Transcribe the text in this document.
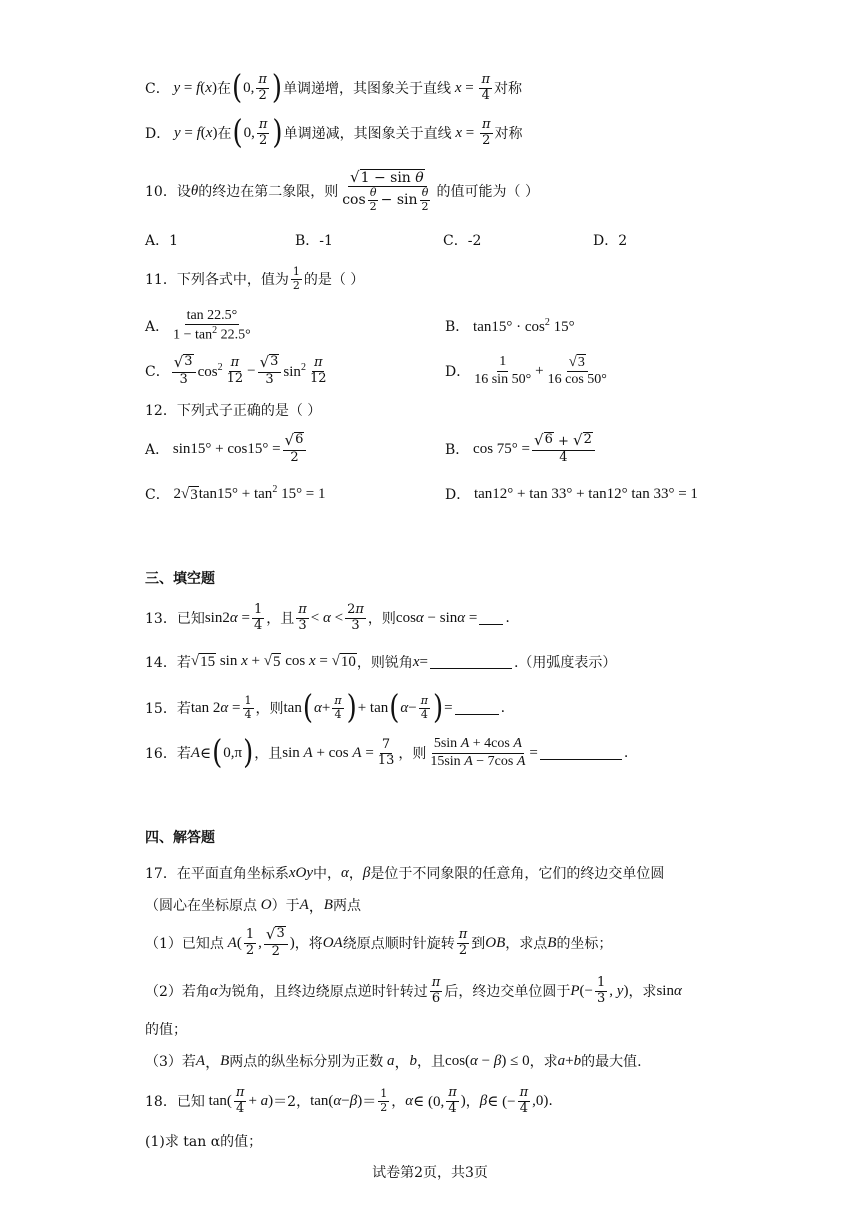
C． y = f ( x ) 在 ( 0, $\frac{\pi}{2}$ ) 单调递增，其图象关于直线 $x = \frac{\pi}{4}$ 对称
D． y = f ( x ) 在 ( 0, $\frac{\pi}{2}$ ) 单调递减，其图象关于直线 $x = \frac{\pi}{2}$ 对称
10．设 θ 的终边在第二象限，则 $\frac{\text{√ 1 − sin θ}}{\cos \frac{\theta}{2} - \sin \frac{\theta}{2}}$ 的值可能为（ ）
A．1	B．-1	C．-2	D．2
11．下列各式中，值为 $\frac{1}{2}$ 的是（ ）
A． $\frac{\tan 22.5^\circ}{1 - \tan^2 22.5^\circ}$	B． $\tan 15^\circ \cdot \cos^2 15^\circ$
C． $\frac{√ 3}{3} \cos^2 \frac{\pi}{12} - \frac{√ 3}{3} \sin^2 \frac{\pi}{12}$	D． $\frac{1}{16 \sin 50^\circ} + \frac{√ 3}{16 \cos 50^\circ}$
12．下列式子正确的是（ ）
A． $\sin 15^\circ + \cos 15^\circ = \frac{√ 6}{2}$	B． $\cos 75^\circ = \frac{√ 6 + √ 2}{4}$
C． 2 √ 3 $\tan 15^\circ + \tan^2 15^\circ = 1$	D． tan12° + tan 33° + tan12° tan 33° = 1
三、填空题
13．已知 $\sin 2\alpha = \frac{1}{4}$ ，且 $\frac{\pi}{3} < \alpha < \frac{2\pi}{3}$ ，则 cosα − sinα = .
14．若 √ 15 sin x + √ 5 cos x = √ 10 ，则锐角 x =	.（用弧度表示）
15．若 $\tan 2\alpha = \frac{1}{4}$ ，则 tan ( $\alpha + \frac{\pi}{4}$ ) + tan ( $\alpha - \frac{\pi}{4}$ ) =	.
16．若 A ∈ ( 0,π ) ，且 $\sin A + \cos A = \frac{7}{13}$ ，则 $\frac{\text{5sin A + 4cos A}}{\text{15sin A − 7cos A}}$ =	.
四、解答题
17．在平面直角坐标系 xOy 中， α ， β 是位于不同象限的任意角，它们的终边交单位圆
（圆心在坐标原点 O ）于 A ， B 两点
（1）已知点 A ( $\frac{1}{2}$ , $\frac{√ 3}{2}$ ) ，将 OA 绕原点顺时针旋转 $\frac{\pi}{2}$ 到 OB ，求点 B 的坐标；
（2）若角 α 为锐角，且终边绕原点逆时针转过 $\frac{\pi}{6}$ 后，终边交单位圆于 P (− $\frac{1}{3}$ , y) ，求 sinα
的值；
（3）若 A ， B 两点的纵坐标分别为正数 a ， b ，且 cos(α − β) ≤ 0 ，求 a + b 的最大值.
18．已知 $\tan( \frac{\pi}{4} + a) =2$， $\tan(\alpha-\beta) = \frac{1}{2}$ ， α ∈ (0, $\frac{\pi}{4}$ ) ， β ∈ (− $\frac{\pi}{4} ,0$) .
(1)求 tan α的值；
试卷第2页，共3页
